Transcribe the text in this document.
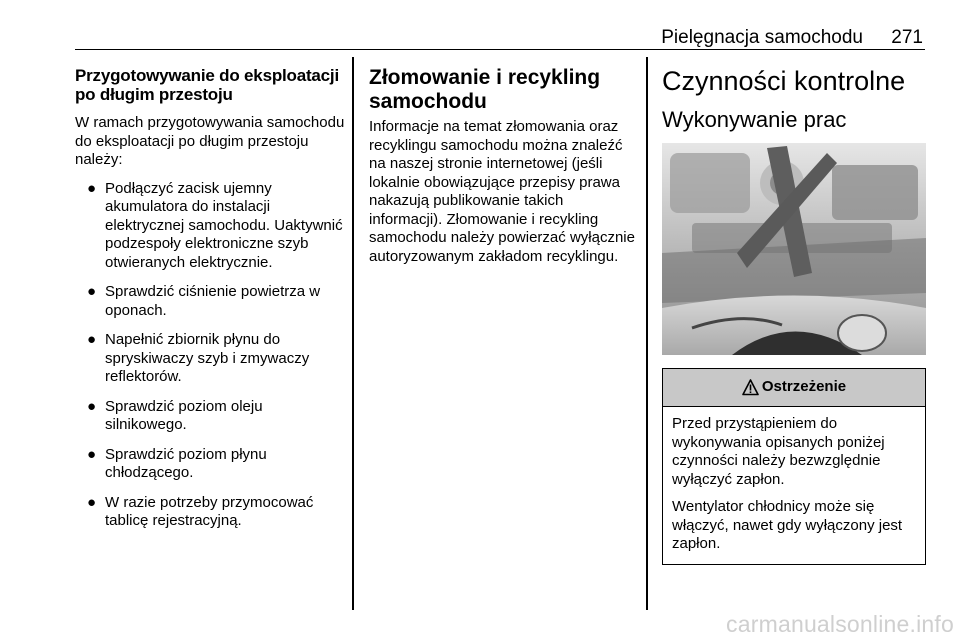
Pielęgnacja samochodu 271
Przygotowywanie do eksploatacji po długim przestoju
W ramach przygotowywania samochodu do eksploatacji po długim przestoju należy:
● Podłączyć zacisk ujemny akumulatora do instalacji elektrycznej samochodu. Uaktywnić podzespoły elektroniczne szyb otwieranych elektrycznie.
● Sprawdzić ciśnienie powietrza w oponach.
● Napełnić zbiornik płynu do spryskiwaczy szyb i zmywaczy reflektorów.
● Sprawdzić poziom oleju silnikowego.
● Sprawdzić poziom płynu chłodzącego.
● W razie potrzeby przymocować tablicę rejestracyjną.
Złomowanie i recykling samochodu
Informacje na temat złomowania oraz recyklingu samochodu można znaleźć na naszej stronie internetowej (jeśli lokalnie obowiązujące przepisy prawa nakazują publikowanie takich informacji). Złomowanie i recykling samochodu należy powierzać wyłącznie autoryzowanym zakładom recyklingu.
Czynności kontrolne
Wykonywanie prac
Ostrzeżenie

Przed przystąpieniem do wykonywania opisanych poniżej czynności należy bezwzględnie wyłączyć zapłon.

Wentylator chłodnicy może się włączyć, nawet gdy wyłączony jest zapłon.

carmanualsonline.info
